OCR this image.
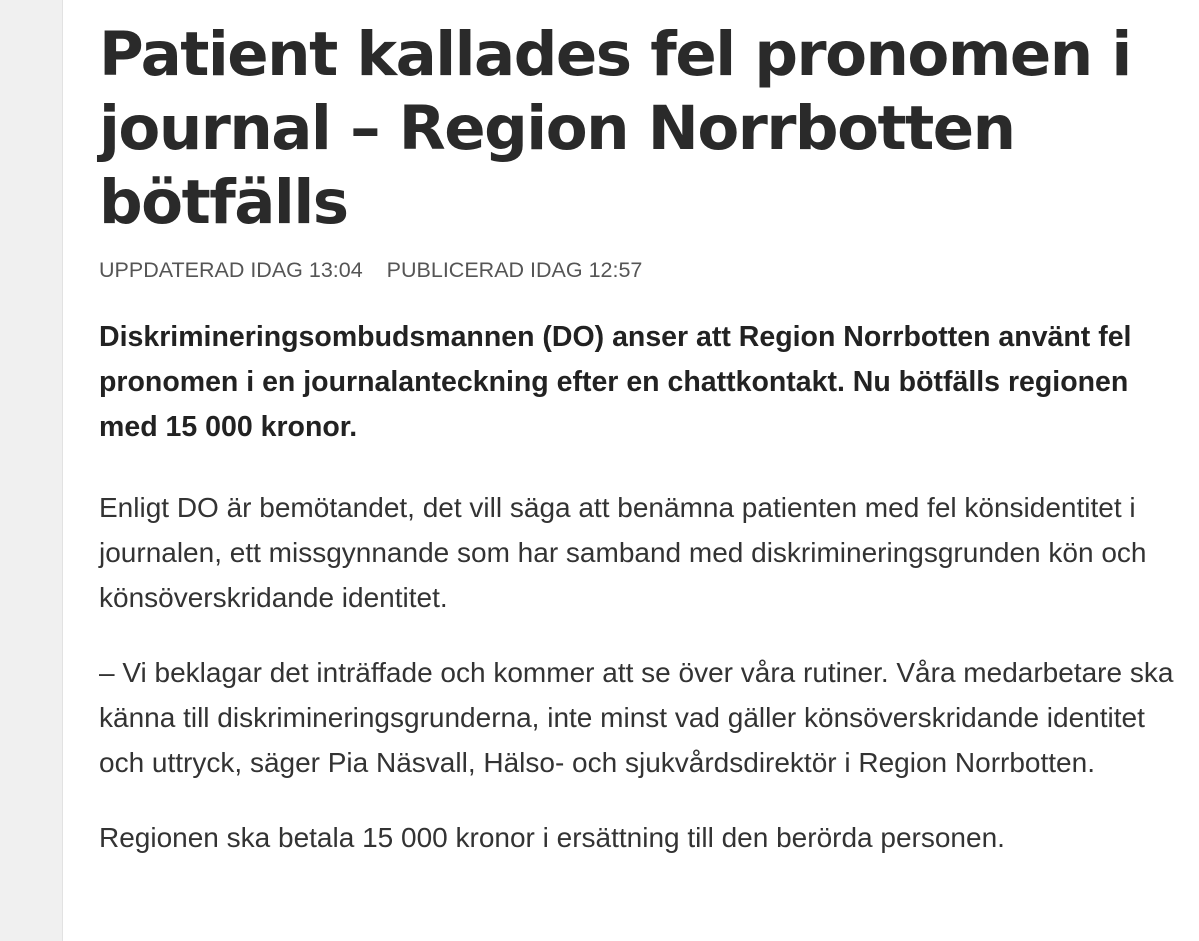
Patient kallades fel pronomen i journal – Region Norrbotten bötfälls
UPPDATERAD IDAG 13:04 PUBLICERAD IDAG 12:57

Diskrimineringsombudsmannen (DO) anser att Region Norrbotten använt fel pronomen i en journalanteckning efter en chattkontakt. Nu bötfälls regionen med 15 000 kronor.

Enligt DO är bemötandet, det vill säga att benämna patienten med fel könsidentitet i journalen, ett missgynnande som har samband med diskrimineringsgrunden kön och könsöverskridande identitet.

– Vi beklagar det inträffade och kommer att se över våra rutiner. Våra medarbetare ska känna till diskrimineringsgrunderna, inte minst vad gäller könsöverskridande identitet och uttryck, säger Pia Näsvall, Hälso- och sjukvårdsdirektör i Region Norrbotten.

Regionen ska betala 15 000 kronor i ersättning till den berörda personen.
